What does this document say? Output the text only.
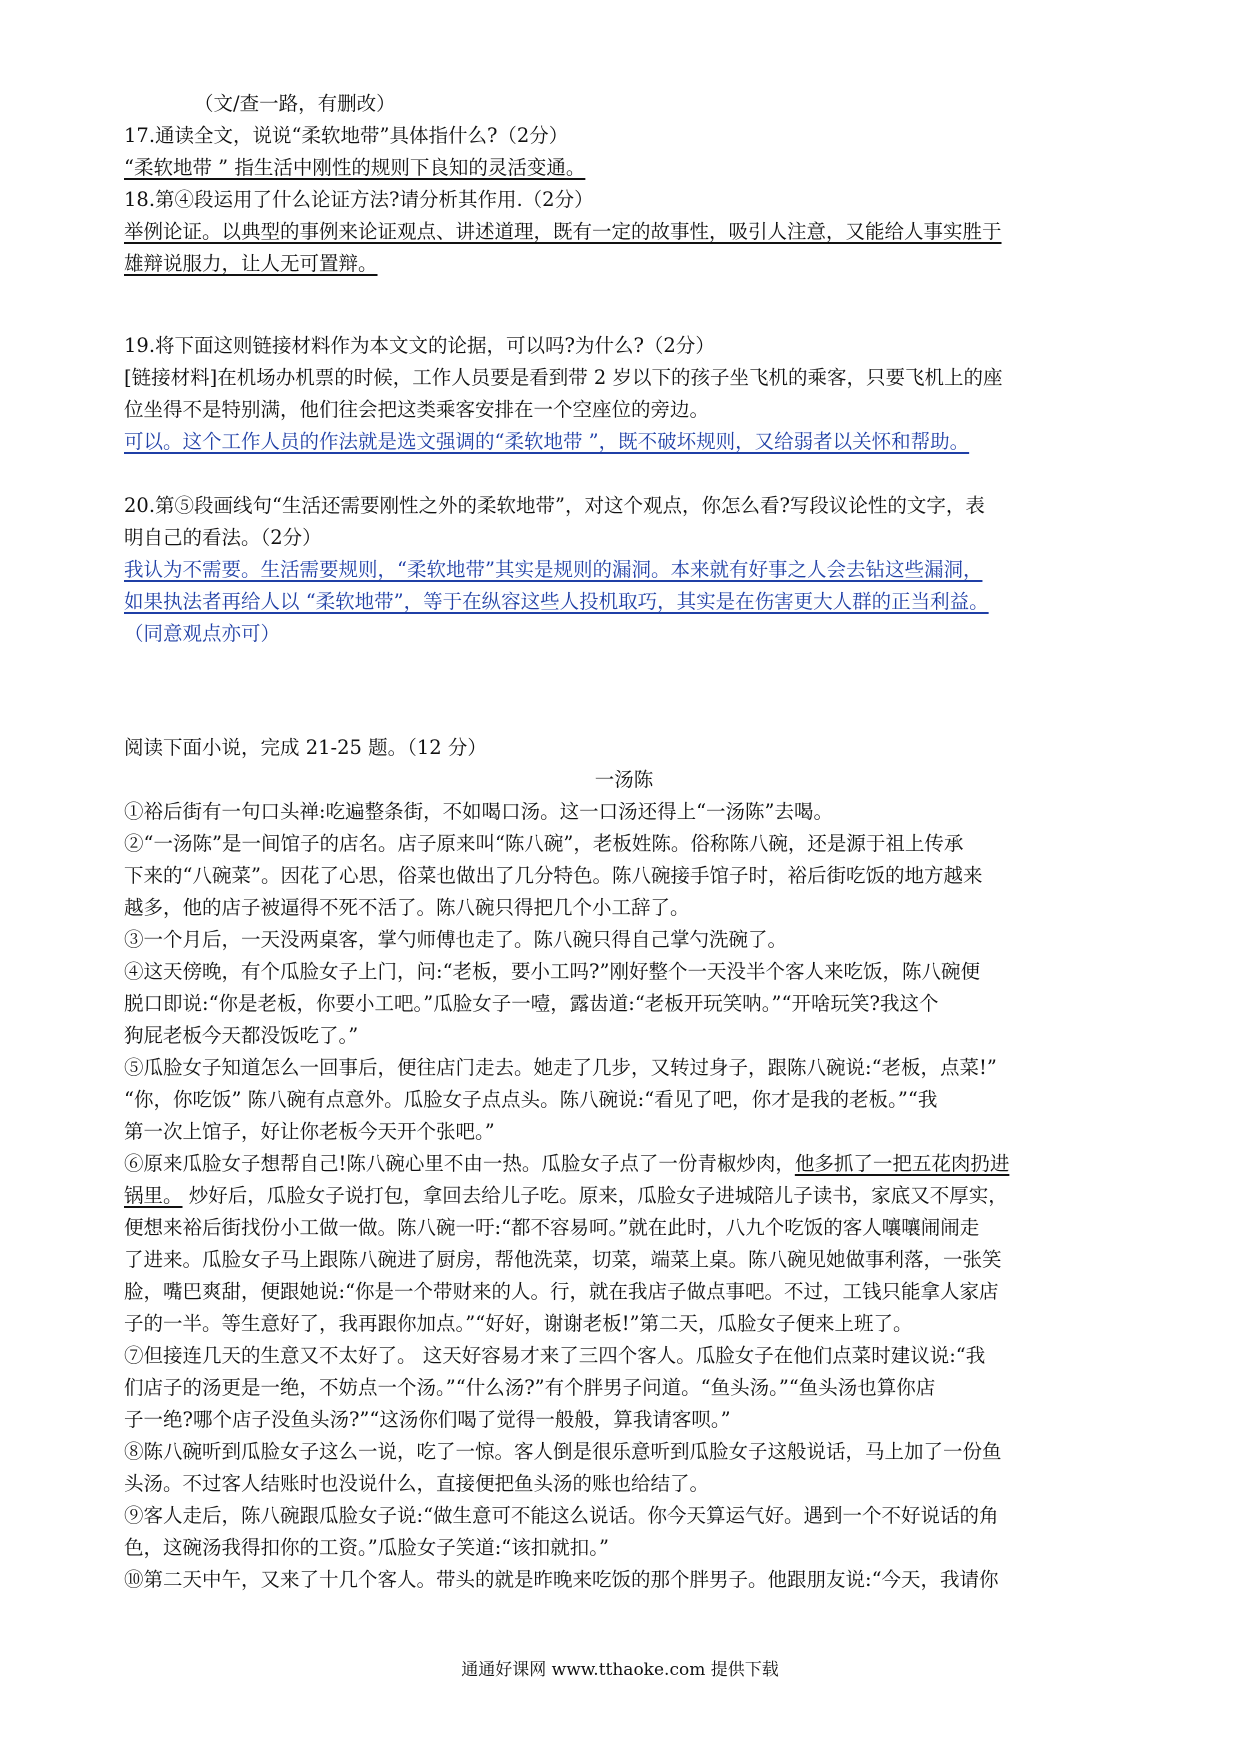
（文/查一路，有删改）

17.通读全文，说说“柔软地带”具体指什么?（2分）

“柔软地带 ” 指生活中刚性的规则下良知的灵活变通。

18.第④段运用了什么论证方法?请分析其作用.（2分）

举例论证。以典型的事例来论证观点、讲述道理，既有一定的故事性，吸引人注意，又能给人事实胜于

雄辩说服力，让人无可置辩。

19.将下面这则链接材料作为本文文的论据，可以吗?为什么?（2分）

[链接材料]在机场办机票的时候，工作人员要是看到带 2 岁以下的孩子坐飞机的乘客，只要飞机上的座

位坐得不是特别满，他们往会把这类乘客安排在一个空座位的旁边。

可以。这个工作人员的作法就是选文强调的“柔软地带 ”，既不破坏规则，又给弱者以关怀和帮助。

20.第⑤段画线句“生活还需要刚性之外的柔软地带”，对这个观点，你怎么看?写段议论性的文字，表

明自己的看法。（2分）

我认为不需要。生活需要规则，“柔软地带”其实是规则的漏洞。本来就有好事之人会去钻这些漏洞，

如果执法者再给人以 “柔软地带”，等于在纵容这些人投机取巧，其实是在伤害更大人群的正当利益。

（同意观点亦可）

阅读下面小说，完成 21-25 题。（12 分）

一汤陈

①裕后街有一句口头禅:吃遍整条街，不如喝口汤。这一口汤还得上“一汤陈”去喝。

②“一汤陈”是一间馆子的店名。店子原来叫“陈八碗”，老板姓陈。俗称陈八碗，还是源于祖上传承

下来的“八碗菜”。因花了心思，俗菜也做出了几分特色。陈八碗接手馆子时，裕后街吃饭的地方越来

越多，他的店子被逼得不死不活了。陈八碗只得把几个小工辞了。

③一个月后，一天没两桌客，掌勺师傅也走了。陈八碗只得自己掌勺洗碗了。

④这天傍晚，有个瓜脸女子上门，问:“老板，要小工吗?”刚好整个一天没半个客人来吃饭，陈八碗便

脱口即说:“你是老板，你要小工吧。”瓜脸女子一噎，露齿道:“老板开玩笑呐。”“开啥玩笑?我这个

狗屁老板今天都没饭吃了。”

⑤瓜脸女子知道怎么一回事后，便往店门走去。她走了几步，又转过身子，跟陈八碗说:“老板，点菜!”

“你，你吃饭” 陈八碗有点意外。瓜脸女子点点头。陈八碗说:“看见了吧，你才是我的老板。”“我

第一次上馆子，好让你老板今天开个张吧。”

⑥原来瓜脸女子想帮自己!陈八碗心里不由一热。瓜脸女子点了一份青椒炒肉，他多抓了一把五花肉扔进

锅里。 炒好后，瓜脸女子说打包，拿回去给儿子吃。原来，瓜脸女子进城陪儿子读书，家底又不厚实，

便想来裕后街找份小工做一做。陈八碗一吁:“都不容易呵。”就在此时，八九个吃饭的客人嚷嚷闹闹走

了进来。瓜脸女子马上跟陈八碗进了厨房，帮他洗菜，切菜，端菜上桌。陈八碗见她做事利落，一张笑

脸，嘴巴爽甜，便跟她说:“你是一个带财来的人。行，就在我店子做点事吧。不过，工钱只能拿人家店

子的一半。等生意好了，我再跟你加点。”“好好，谢谢老板!”第二天，瓜脸女子便来上班了。

⑦但接连几天的生意又不太好了。 这天好容易才来了三四个客人。瓜脸女子在他们点菜时建议说:“我

们店子的汤更是一绝，不妨点一个汤。”“什么汤?”有个胖男子问道。“鱼头汤。”“鱼头汤也算你店

子一绝?哪个店子没鱼头汤?”“这汤你们喝了觉得一般般，算我请客呗。”

⑧陈八碗听到瓜脸女子这么一说，吃了一惊。客人倒是很乐意听到瓜脸女子这般说话，马上加了一份鱼

头汤。不过客人结账时也没说什么，直接便把鱼头汤的账也给结了。

⑨客人走后，陈八碗跟瓜脸女子说:“做生意可不能这么说话。你今天算运气好。遇到一个不好说话的角

色，这碗汤我得扣你的工资。”瓜脸女子笑道:“该扣就扣。”

⑩第二天中午，又来了十几个客人。带头的就是昨晚来吃饭的那个胖男子。他跟朋友说:“今天，我请你

通通好课网 www.tthaoke.com 提供下载
